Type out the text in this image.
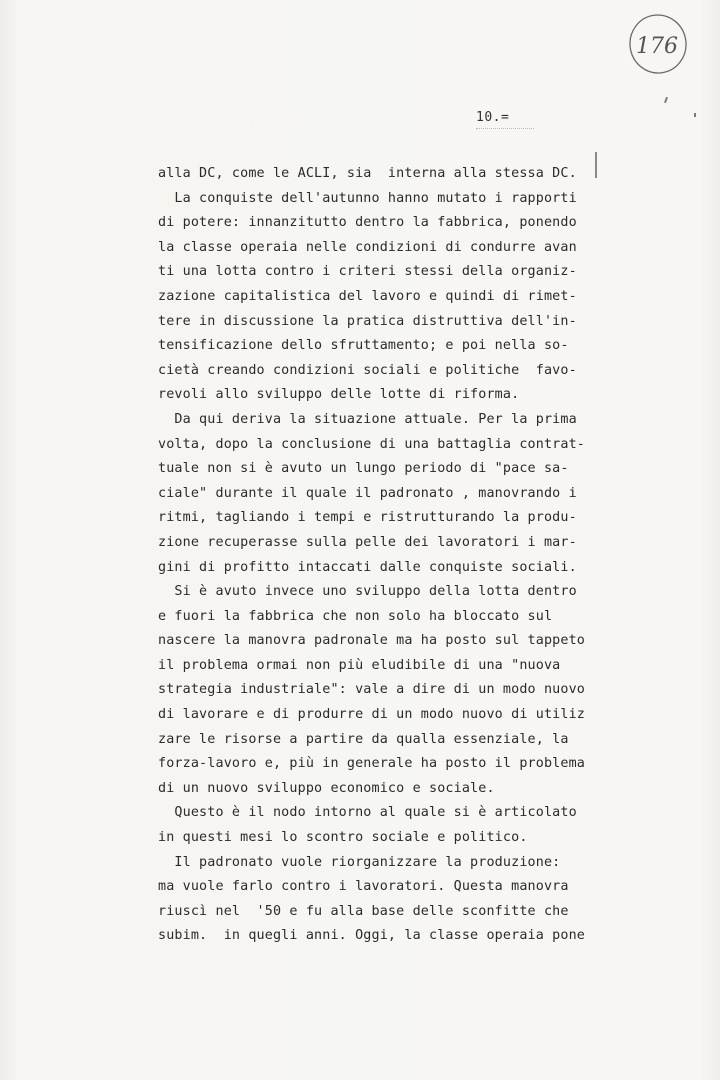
176
10.=
alla DC, come le ACLI, sia  interna alla stessa DC.
La conquiste dell'autunno hanno mutato i rapporti
di potere: innanzitutto dentro la fabbrica, ponendo
la classe operaia nelle condizioni di condurre avan
ti una lotta contro i criteri stessi della organiz-
zazione capitalistica del lavoro e quindi di rimet-
tere in discussione la pratica distruttiva dell'in-
tensificazione dello sfruttamento; e poi nella so-
cietà creando condizioni sociali e politiche  favo-
revoli allo sviluppo delle lotte di riforma.
Da qui deriva la situazione attuale. Per la prima
volta, dopo la conclusione di una battaglia contrat-
tuale non si è avuto un lungo periodo di "pace sa-
ciale" durante il quale il padronato , manovrando i
ritmi, tagliando i tempi e ristrutturando la produ-
zione recuperasse sulla pelle dei lavoratori i mar-
gini di profitto intaccati dalle conquiste sociali.
Si è avuto invece uno sviluppo della lotta dentro
e fuori la fabbrica che non solo ha bloccato sul
nascere la manovra padronale ma ha posto sul tappeto
il problema ormai non più eludibile di una "nuova
strategia industriale": vale a dire di un modo nuovo
di lavorare e di produrre di un modo nuovo di utiliz
zare le risorse a partire da qualla essenziale, la
forza-lavoro e, più in generale ha posto il problema
di un nuovo sviluppo economico e sociale.
Questo è il nodo intorno al quale si è articolato
in questi mesi lo scontro sociale e politico.
Il padronato vuole riorganizzare la produzione:
ma vuole farlo contro i lavoratori. Questa manovra
riuscì nel  '50 e fu alla base delle sconfitte che
subim.  in quegli anni. Oggi, la classe operaia pone
